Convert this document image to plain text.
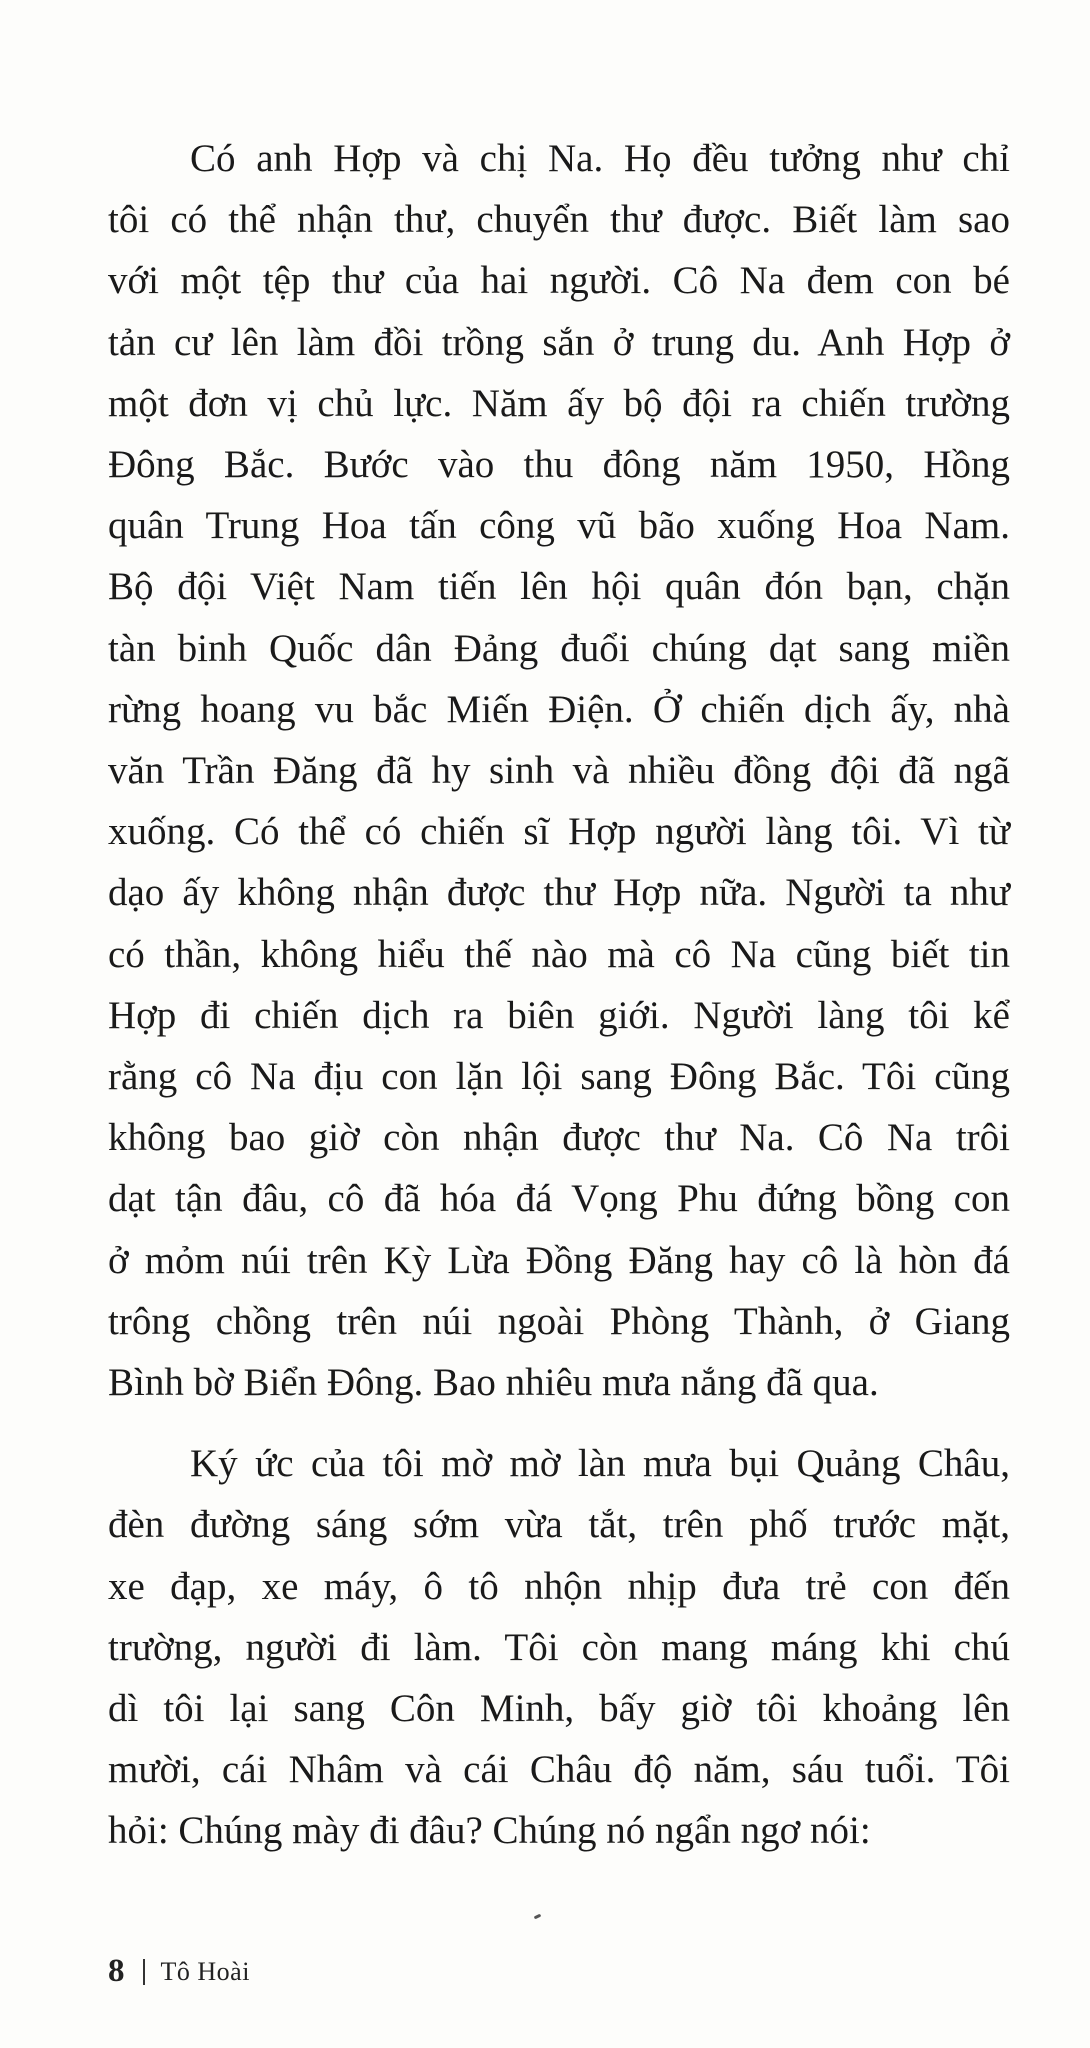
Có anh Hợp và chị Na. Họ đều tưởng như chỉ
tôi có thể nhận thư, chuyển thư được. Biết làm sao
với một tệp thư của hai người. Cô Na đem con bé
tản cư lên làm đồi trồng sắn ở trung du. Anh Hợp ở
một đơn vị chủ lực. Năm ấy bộ đội ra chiến trường
Đông Bắc. Bước vào thu đông năm 1950, Hồng
quân Trung Hoa tấn công vũ bão xuống Hoa Nam.
Bộ đội Việt Nam tiến lên hội quân đón bạn, chặn
tàn binh Quốc dân Đảng đuổi chúng dạt sang miền
rừng hoang vu bắc Miến Điện. Ở chiến dịch ấy, nhà
văn Trần Đăng đã hy sinh và nhiều đồng đội đã ngã
xuống. Có thể có chiến sĩ Hợp người làng tôi. Vì từ
dạo ấy không nhận được thư Hợp nữa. Người ta như
có thần, không hiểu thế nào mà cô Na cũng biết tin
Hợp đi chiến dịch ra biên giới. Người làng tôi kể
rằng cô Na địu con lặn lội sang Đông Bắc. Tôi cũng
không bao giờ còn nhận được thư Na. Cô Na trôi
dạt tận đâu, cô đã hóa đá Vọng Phu đứng bồng con
ở mỏm núi trên Kỳ Lừa Đồng Đăng hay cô là hòn đá
trông chồng trên núi ngoài Phòng Thành, ở Giang
Bình bờ Biển Đông. Bao nhiêu mưa nắng đã qua.
Ký ức của tôi mờ mờ làn mưa bụi Quảng Châu,
đèn đường sáng sớm vừa tắt, trên phố trước mặt,
xe đạp, xe máy, ô tô nhộn nhịp đưa trẻ con đến
trường, người đi làm. Tôi còn mang máng khi chú
dì tôi lại sang Côn Minh, bấy giờ tôi khoảng lên
mười, cái Nhâm và cái Châu độ năm, sáu tuổi. Tôi
hỏi: Chúng mày đi đâu? Chúng nó ngẩn ngơ nói:
8 Tô Hoài
